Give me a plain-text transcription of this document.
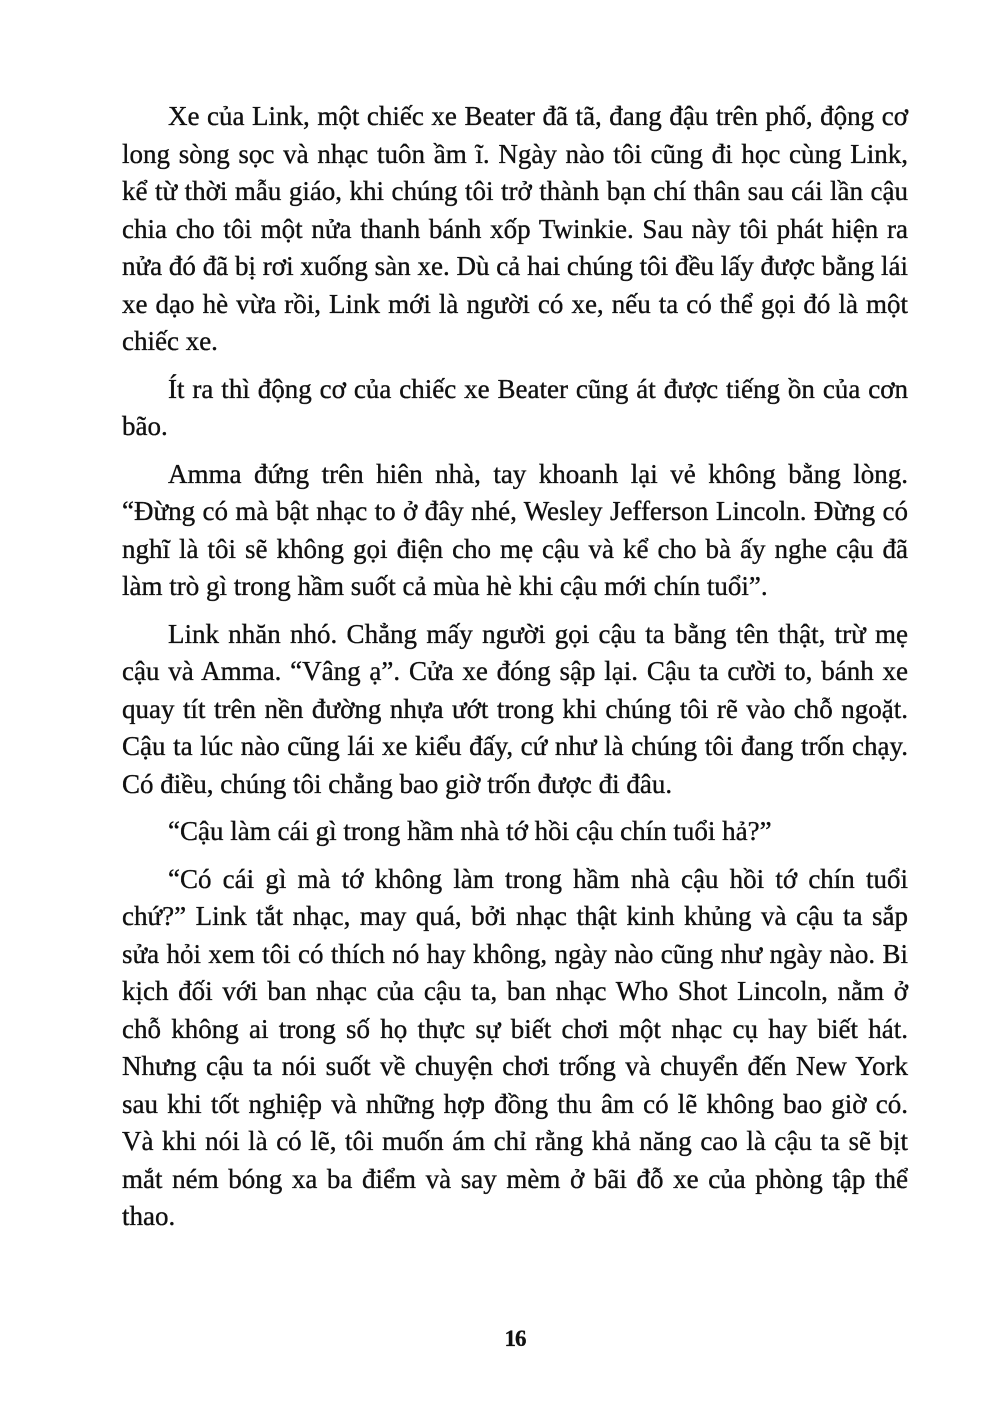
Xe của Link, một chiếc xe Beater đã tã, đang đậu trên phố, động cơ long sòng sọc và nhạc tuôn ầm ĩ. Ngày nào tôi cũng đi học cùng Link, kể từ thời mẫu giáo, khi chúng tôi trở thành bạn chí thân sau cái lần cậu chia cho tôi một nửa thanh bánh xốp Twinkie. Sau này tôi phát hiện ra nửa đó đã bị rơi xuống sàn xe. Dù cả hai chúng tôi đều lấy được bằng lái xe dạo hè vừa rồi, Link mới là người có xe, nếu ta có thể gọi đó là một chiếc xe.

Ít ra thì động cơ của chiếc xe Beater cũng át được tiếng ồn của cơn bão.

Amma đứng trên hiên nhà, tay khoanh lại vẻ không bằng lòng. “Đừng có mà bật nhạc to ở đây nhé, Wesley Jefferson Lincoln. Đừng có nghĩ là tôi sẽ không gọi điện cho mẹ cậu và kể cho bà ấy nghe cậu đã làm trò gì trong hầm suốt cả mùa hè khi cậu mới chín tuổi”.

Link nhăn nhó. Chẳng mấy người gọi cậu ta bằng tên thật, trừ mẹ cậu và Amma. “Vâng ạ”. Cửa xe đóng sập lại. Cậu ta cười to, bánh xe quay tít trên nền đường nhựa ướt trong khi chúng tôi rẽ vào chỗ ngoặt. Cậu ta lúc nào cũng lái xe kiểu đấy, cứ như là chúng tôi đang trốn chạy. Có điều, chúng tôi chẳng bao giờ trốn được đi đâu.

“Cậu làm cái gì trong hầm nhà tớ hồi cậu chín tuổi hả?”

“Có cái gì mà tớ không làm trong hầm nhà cậu hồi tớ chín tuổi chứ?” Link tắt nhạc, may quá, bởi nhạc thật kinh khủng và cậu ta sắp sửa hỏi xem tôi có thích nó hay không, ngày nào cũng như ngày nào. Bi kịch đối với ban nhạc của cậu ta, ban nhạc Who Shot Lincoln, nằm ở chỗ không ai trong số họ thực sự biết chơi một nhạc cụ hay biết hát. Nhưng cậu ta nói suốt về chuyện chơi trống và chuyển đến New York sau khi tốt nghiệp và những hợp đồng thu âm có lẽ không bao giờ có. Và khi nói là có lẽ, tôi muốn ám chỉ rằng khả năng cao là cậu ta sẽ bịt mắt ném bóng xa ba điểm và say mèm ở bãi đỗ xe của phòng tập thể thao.

16
